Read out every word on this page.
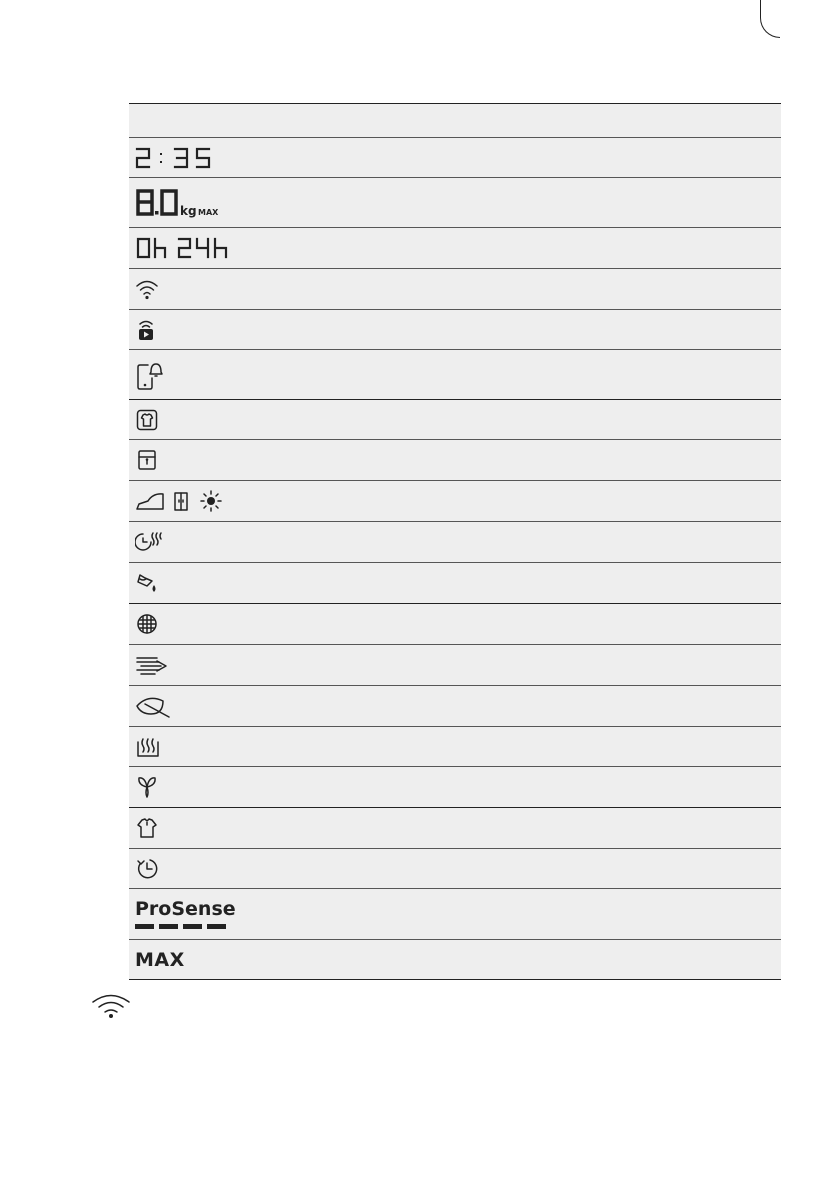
kg MAX
ProSense
MAX
